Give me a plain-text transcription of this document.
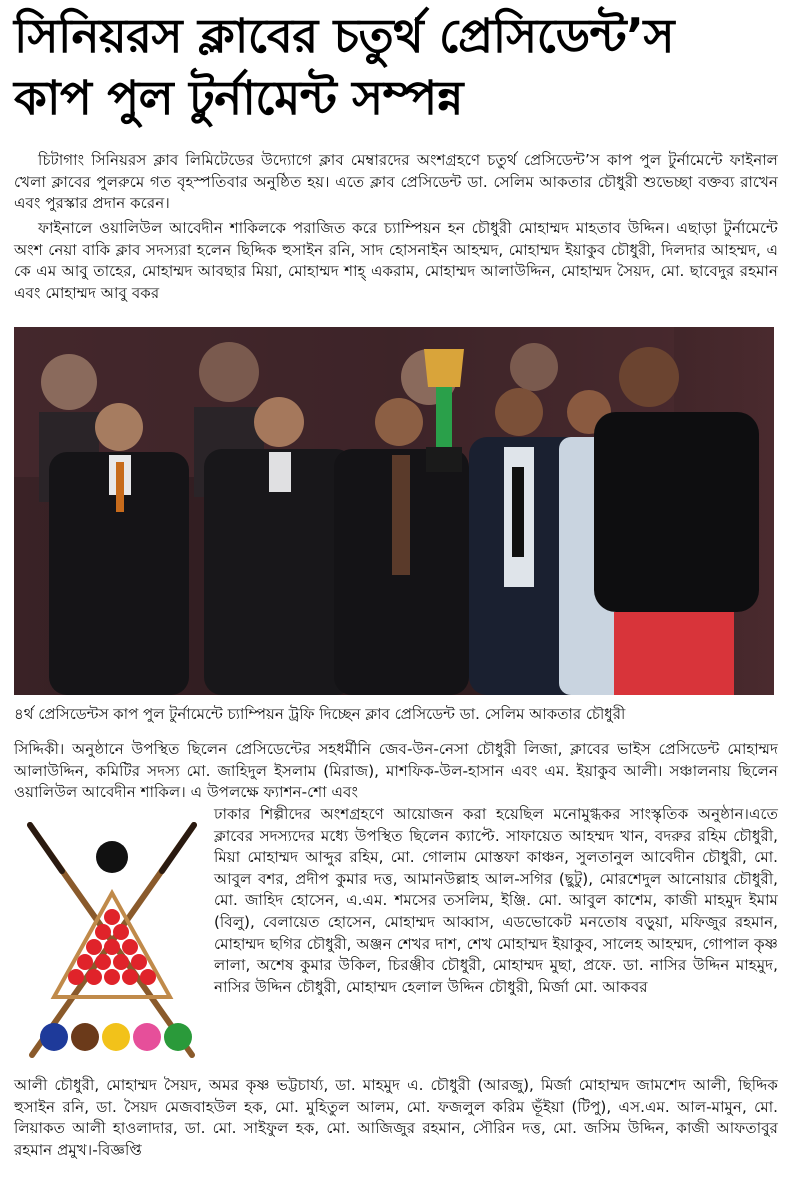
সিনিয়রস ক্লাবের চতুর্থ প্রেসিডেন্ট’স
কাপ পুল টুর্নামেন্ট সম্পন্ন
চিটাগাং সিনিয়রস ক্লাব লিমিটেডের উদ্যোগে ক্লাব মেম্বারদের অংশগ্রহণে চতুর্থ প্রেসিডেন্ট’স কাপ পুল টুর্নামেন্টে ফাইনাল খেলা ক্লাবের পুলরুমে গত বৃহস্পতিবার অনুষ্ঠিত হয়। এতে ক্লাব প্রেসিডেন্ট ডা. সেলিম আকতার চৌধুরী শুভেচ্ছা বক্তব্য রাখেন এবং পুরস্কার প্রদান করেন।
ফাইনালে ওয়ালিউল আবেদীন শাকিলকে পরাজিত করে চ্যাম্পিয়ন হন চৌধুরী মোহাম্মদ মাহতাব উদ্দিন। এছাড়া টুর্নামেন্টে অংশ নেয়া বাকি ক্লাব সদস্যরা হলেন ছিদ্দিক হুসাইন রনি, সাদ হোসনাইন আহম্মদ, মোহাম্মদ ইয়াকুব চৌধুরী, দিলদার আহম্মদ, এ কে এম আবু তাহের, মোহাম্মদ আবছার মিয়া, মোহাম্মদ শাহ্ একরাম, মোহাম্মদ আলাউদ্দিন, মোহাম্মদ সৈয়দ, মো. ছাবেদুর রহমান এবং মোহাম্মদ আবু বকর
৪র্থ প্রেসিডেন্টস কাপ পুল টুর্নামেন্টে চ্যাম্পিয়ন ট্রফি দিচ্ছেন ক্লাব প্রেসিডেন্ট ডা. সেলিম আকতার চৌধুরী
সিদ্দিকী। অনুষ্ঠানে উপস্থিত ছিলেন প্রেসিডেন্টের সহধর্মীনি জেব-উন-নেসা চৌধুরী লিজা, ক্লাবের ভাইস প্রেসিডেন্ট মোহাম্মদ আলাউদ্দিন, কমিটির সদস্য মো. জাহিদুল ইসলাম (মিরাজ), মাশফিক-উল-হাসান এবং এম. ইয়াকুব আলী। সঞ্চালনায় ছিলেন ওয়ালিউল আবেদীন শাকিল। এ উপলক্ষে ফ্যাশন-শো এবং
ঢাকার শিল্পীদের অংশগ্রহণে আয়োজন করা হয়েছিল মনোমুগ্ধকর সাংস্কৃতিক অনুষ্ঠান।এতে ক্লাবের সদস্যদের মধ্যে উপস্থিত ছিলেন ক্যাপ্টে. সাফায়েত আহম্মদ খান, বদরুর রহিম চৌধুরী, মিয়া মোহাম্মদ আব্দুর রহিম, মো. গোলাম মোস্তফা কাঞ্চন, সুলতানুল আবেদীন চৌধুরী, মো. আবুল বশর, প্রদীপ কুমার দত্ত, আমানউল্লাহ আল-সগির (ছুটু), মোরশেদুল আনোয়ার চৌধুরী, মো. জাহিদ হোসেন, এ.এম. শমসের তসলিম, ইঞ্জি. মো. আবুল কাশেম, কাজী মাহমুদ ইমাম (বিলু), বেলায়েত হোসেন, মোহাম্মদ আব্বাস, এডভোকেট মনতোষ বড়ুয়া, মফিজুর রহমান, মোহাম্মদ ছগির চৌধুরী, অঞ্জন শেখর দাশ, শেখ মোহাম্মদ ইয়াকুব, সালেহ আহম্মদ, গোপাল কৃষ্ণ লালা, অশেষ কুমার উকিল, চিরঞ্জীব চৌধুরী, মোহাম্মদ মুছা, প্রফে. ডা. নাসির উদ্দিন মাহমুদ, নাসির উদ্দিন চৌধুরী, মোহাম্মদ হেলাল উদ্দিন চৌধুরী, মির্জা মো. আকবর
আলী চৌধুরী, মোহাম্মদ সৈয়দ, অমর কৃষ্ণ ভট্টচার্য্য, ডা. মাহমুদ এ. চৌধুরী (আরজু), মির্জা মোহাম্মদ জামশেদ আলী, ছিদ্দিক হুসাইন রনি, ডা. সৈয়দ মেজবাহউল হক, মো. মুহিতুল আলম, মো. ফজলুল করিম ভূঁইয়া (টিপু), এস.এম. আল-মামুন, মো. লিয়াকত আলী হাওলাদার, ডা. মো. সাইফুল হক, মো. আজিজুর রহমান, সৌরিন দত্ত, মো. জসিম উদ্দিন, কাজী আফতাবুর রহমান প্রমুখ।-বিজ্ঞপ্তি
